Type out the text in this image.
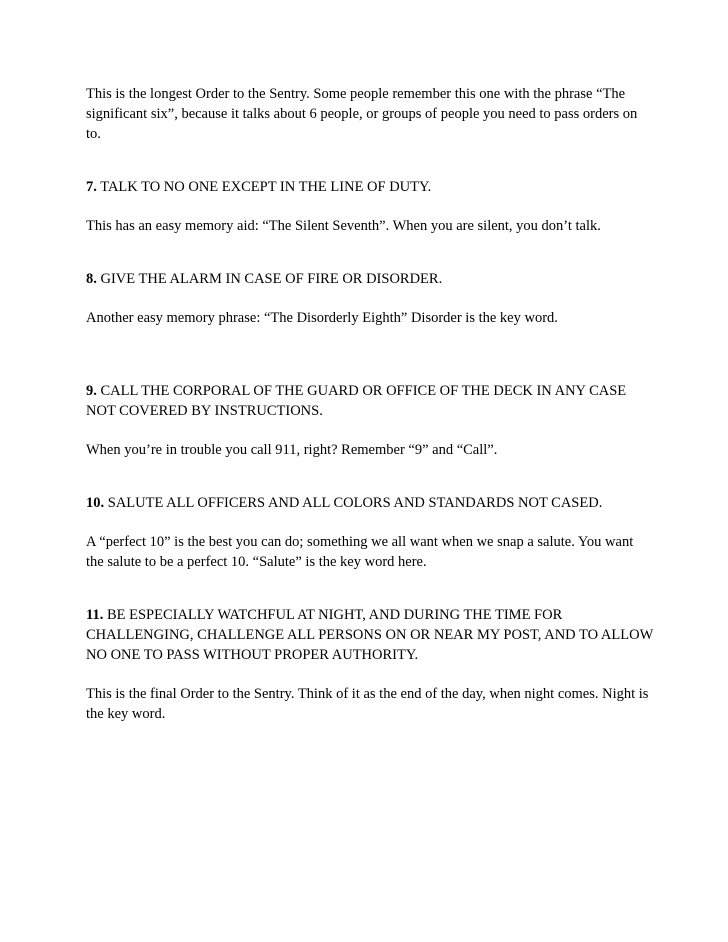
This is the longest Order to the Sentry. Some people remember this one with the phrase “The significant six”, because it talks about 6 people, or groups of people you need to pass orders on to.

7. TALK TO NO ONE EXCEPT IN THE LINE OF DUTY.

This has an easy memory aid: “The Silent Seventh”. When you are silent, you don’t talk.

8. GIVE THE ALARM IN CASE OF FIRE OR DISORDER.

Another easy memory phrase: “The Disorderly Eighth” Disorder is the key word.

9. CALL THE CORPORAL OF THE GUARD OR OFFICE OF THE DECK IN ANY CASE NOT COVERED BY INSTRUCTIONS.

When you’re in trouble you call 911, right? Remember “9” and “Call”.

10. SALUTE ALL OFFICERS AND ALL COLORS AND STANDARDS NOT CASED.

A “perfect 10” is the best you can do; something we all want when we snap a salute. You want the salute to be a perfect 10. “Salute” is the key word here.

11. BE ESPECIALLY WATCHFUL AT NIGHT, AND DURING THE TIME FOR CHALLENGING, CHALLENGE ALL PERSONS ON OR NEAR MY POST, AND TO ALLOW NO ONE TO PASS WITHOUT PROPER AUTHORITY.

This is the final Order to the Sentry. Think of it as the end of the day, when night comes. Night is the key word.
